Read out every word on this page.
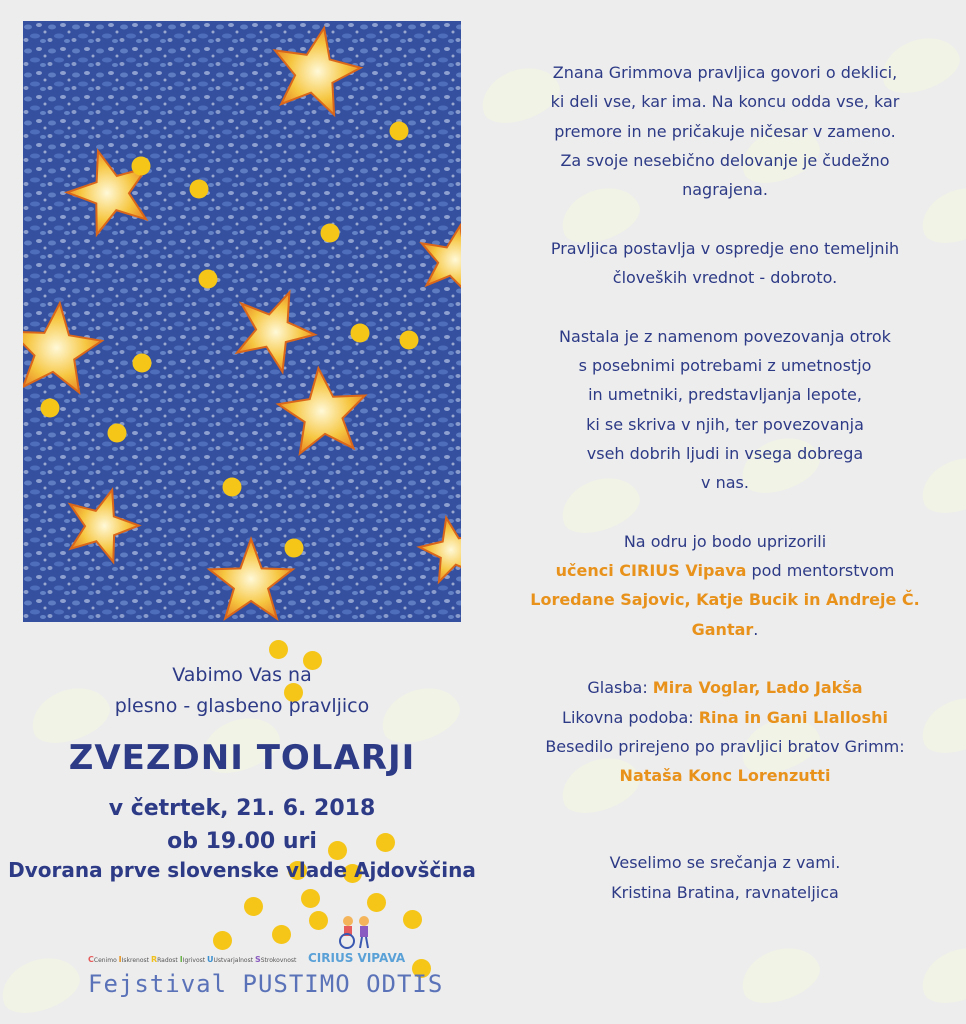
Znana Grimmova pravljica govori o deklici,
ki deli vse, kar ima. Na koncu odda vse, kar
premore in ne pričakuje ničesar v zameno.
Za svoje nesebično delovanje je čudežno
nagrajena.

Pravljica postavlja v ospredje eno temeljnih
človeških vrednot - dobroto.

Nastala je z namenom povezovanja otrok
s posebnimi potrebami z umetnostjo
in umetniki, predstavljanja lepote,
ki se skriva v njih, ter povezovanja
vseh dobrih ljudi in vsega dobrega
v nas.

Na odru jo bodo uprizorili
učenci CIRIUS Vipava pod mentorstvom
Loredane Sajovic, Katje Bucik in Andreje Č. Gantar.

Glasba: Mira Voglar, Lado Jakša
Likovna podoba: Rina in Gani Llalloshi
Besedilo prirejeno po pravljici bratov Grimm:
Nataša Konc Lorenzutti

Veselimo se srečanja z vami.
Kristina Bratina, ravnateljica

Vabimo Vas na
plesno - glasbeno pravljico
ZVEZDNI TOLARJI
v četrtek, 21. 6. 2018
ob 19.00 uri
Dvorana prve slovenske vlade Ajdovščina
CCenimo IIskrenost RRadost IIgrivost UUstvarjalnost SStrokovnost
Fejstival PUSTIMO ODTIS
CIRIUS VIPAVA
